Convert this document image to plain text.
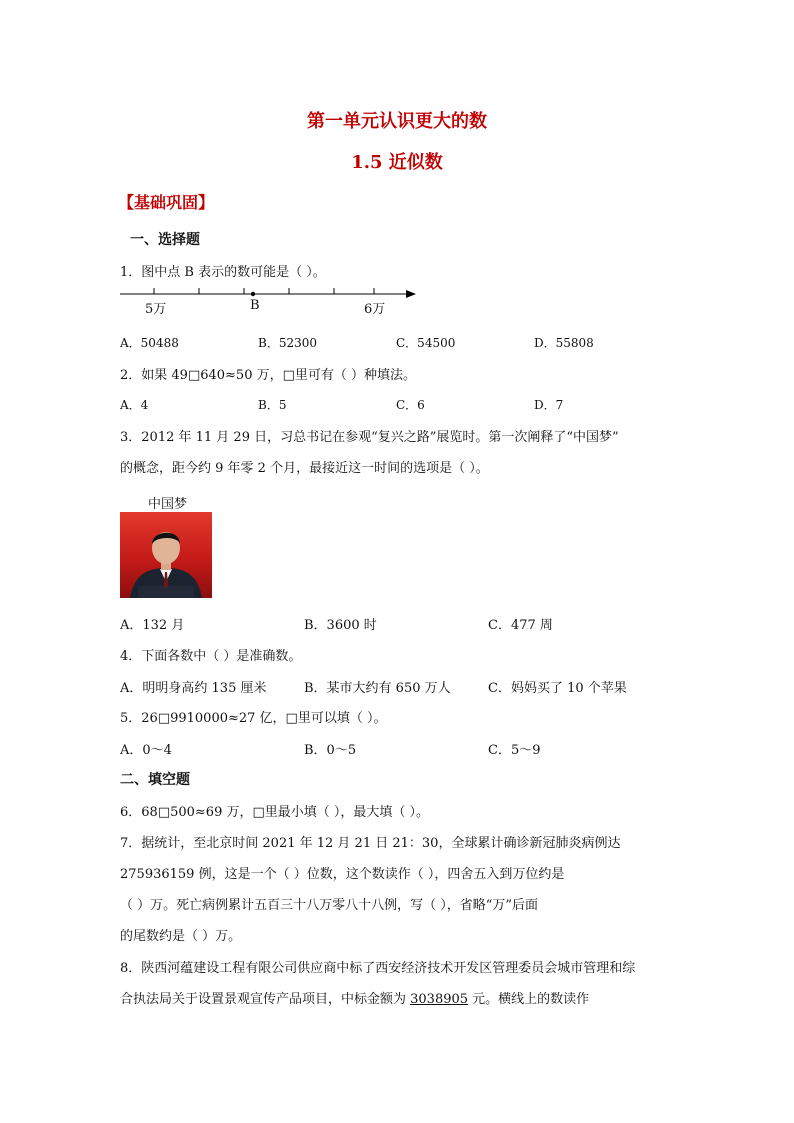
第一单元认识更大的数
1.5 近似数
【基础巩固】
一、选择题
1．图中点 B 表示的数可能是（ ）。
5万	B	6万
A．50488	B．52300	C．54500	D．55808
2．如果 49□640≈50 万，□里可有（ ）种填法。
A．4	B．5	C．6	D．7
3．2012 年 11 月 29 日，习总书记在参观“复兴之路”展览时。第一次阐释了“中国梦”
的概念，距今约 9 年零 2 个月，最接近这一时间的选项是（ ）。
中国梦
A．132 月	B．3600 时	C．477 周
4．下面各数中（ ）是准确数。
A．明明身高约 135 厘米	B．某市大约有 650 万人	C．妈妈买了 10 个苹果
5．26□9910000≈27 亿，□里可以填（ ）。
A．0～4	B．0～5	C．5～9
二、填空题
6．68□500≈69 万，□里最小填（ ），最大填（ ）。
7．据统计，至北京时间 2021 年 12 月 21 日 21：30，全球累计确诊新冠肺炎病例达
275936159 例，这是一个（ ）位数，这个数读作（ ），四舍五入到万位约是
（ ）万。死亡病例累计五百三十八万零八十八例，写（ ），省略“万”后面
的尾数约是（ ）万。
8．陕西河蕴建设工程有限公司供应商中标了西安经济技术开发区管理委员会城市管理和综
合执法局关于设置景观宣传产品项目，中标金额为 3038905 元。横线上的数读作
